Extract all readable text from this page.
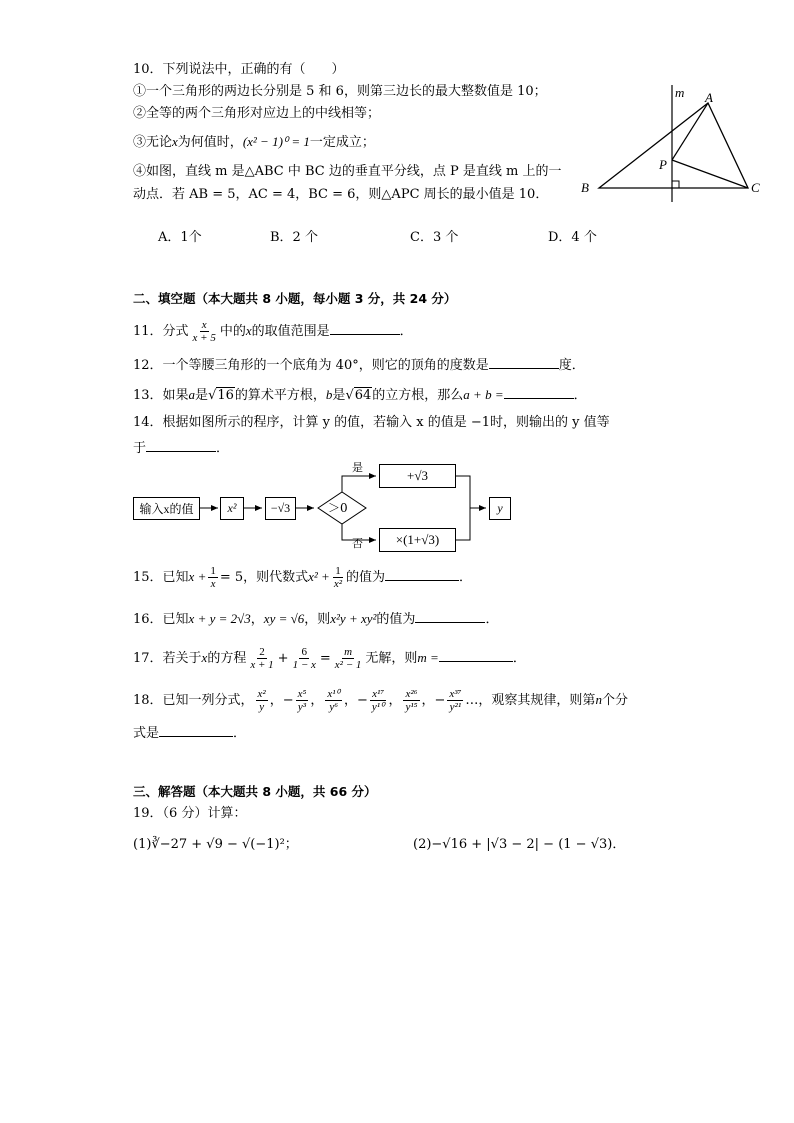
10．下列说法中，正确的有（　　）
①一个三角形的两边长分别是 5 和 6，则第三边长的最大整数值是 10；
②全等的两个三角形对应边上的中线相等；
③无论x为何值时，(x² − 1)⁰ = 1一定成立；
④如图，直线 m 是△ABC 中 BC 边的垂直平分线，点 P 是直线 m 上的一
动点．若 AB = 5，AC = 4，BC = 6，则△APC 周长的最小值是 10．
m A
B	C
P
A．1个	B．2 个	C．3 个	D．4 个
二、填空题（本大题共 8 小题，每小题 3 分，共 24 分）
11．分式 $\frac{x}{x + 5}$ 中的x的取值范围是	．
12．一个等腰三角形的一个底角为 40°，则它的顶角的度数是	度．
13．如果a是√16的算术平方根，b是√64的立方根，那么a + b =	．
14．根据如图所示的程序，计算 y 的值，若输入 x 的值是 −1时，则输出的 y 值等
于	．
输入x的值	x²	−√3	＞0
是
否
+√3
×(1+√3)
y
15．已知$x + \frac{1}{x} = 5$，则代数式$x^2 + \frac{1}{\text{x²}}$ 的值为	．
16．已知x + y = 2√3，xy = √6，则x²y + xy²的值为	．
17．若关于x的方程 $\frac{2}{x + 1} + \frac{6}{1 - x} = \frac{m}{\text{x² − 1}}$ 无解，则m =	．
18．已知一列分式， $\frac{\text{x²}}{y}$ ，− $\frac{\text{x⁵}}{\text{y³}}$ ， $\frac{\text{x¹⁰}}{\text{y⁶}}$ ，− $\frac{\text{x¹⁷}}{\text{y¹⁰}}$ ， $\frac{\text{x²⁶}}{\text{y¹⁵}}$ ，− $\frac{\text{x³⁷}}{\text{y²¹}}$ …，观察其规律，则第n个分
式是	．
三、解答题（本大题共 8 小题，共 66 分）
19．（6 分）计算：
(1)∛−27 + √9 − √(−1)²；	(2)−√16 + |√3 − 2| − (1 − √3)．
